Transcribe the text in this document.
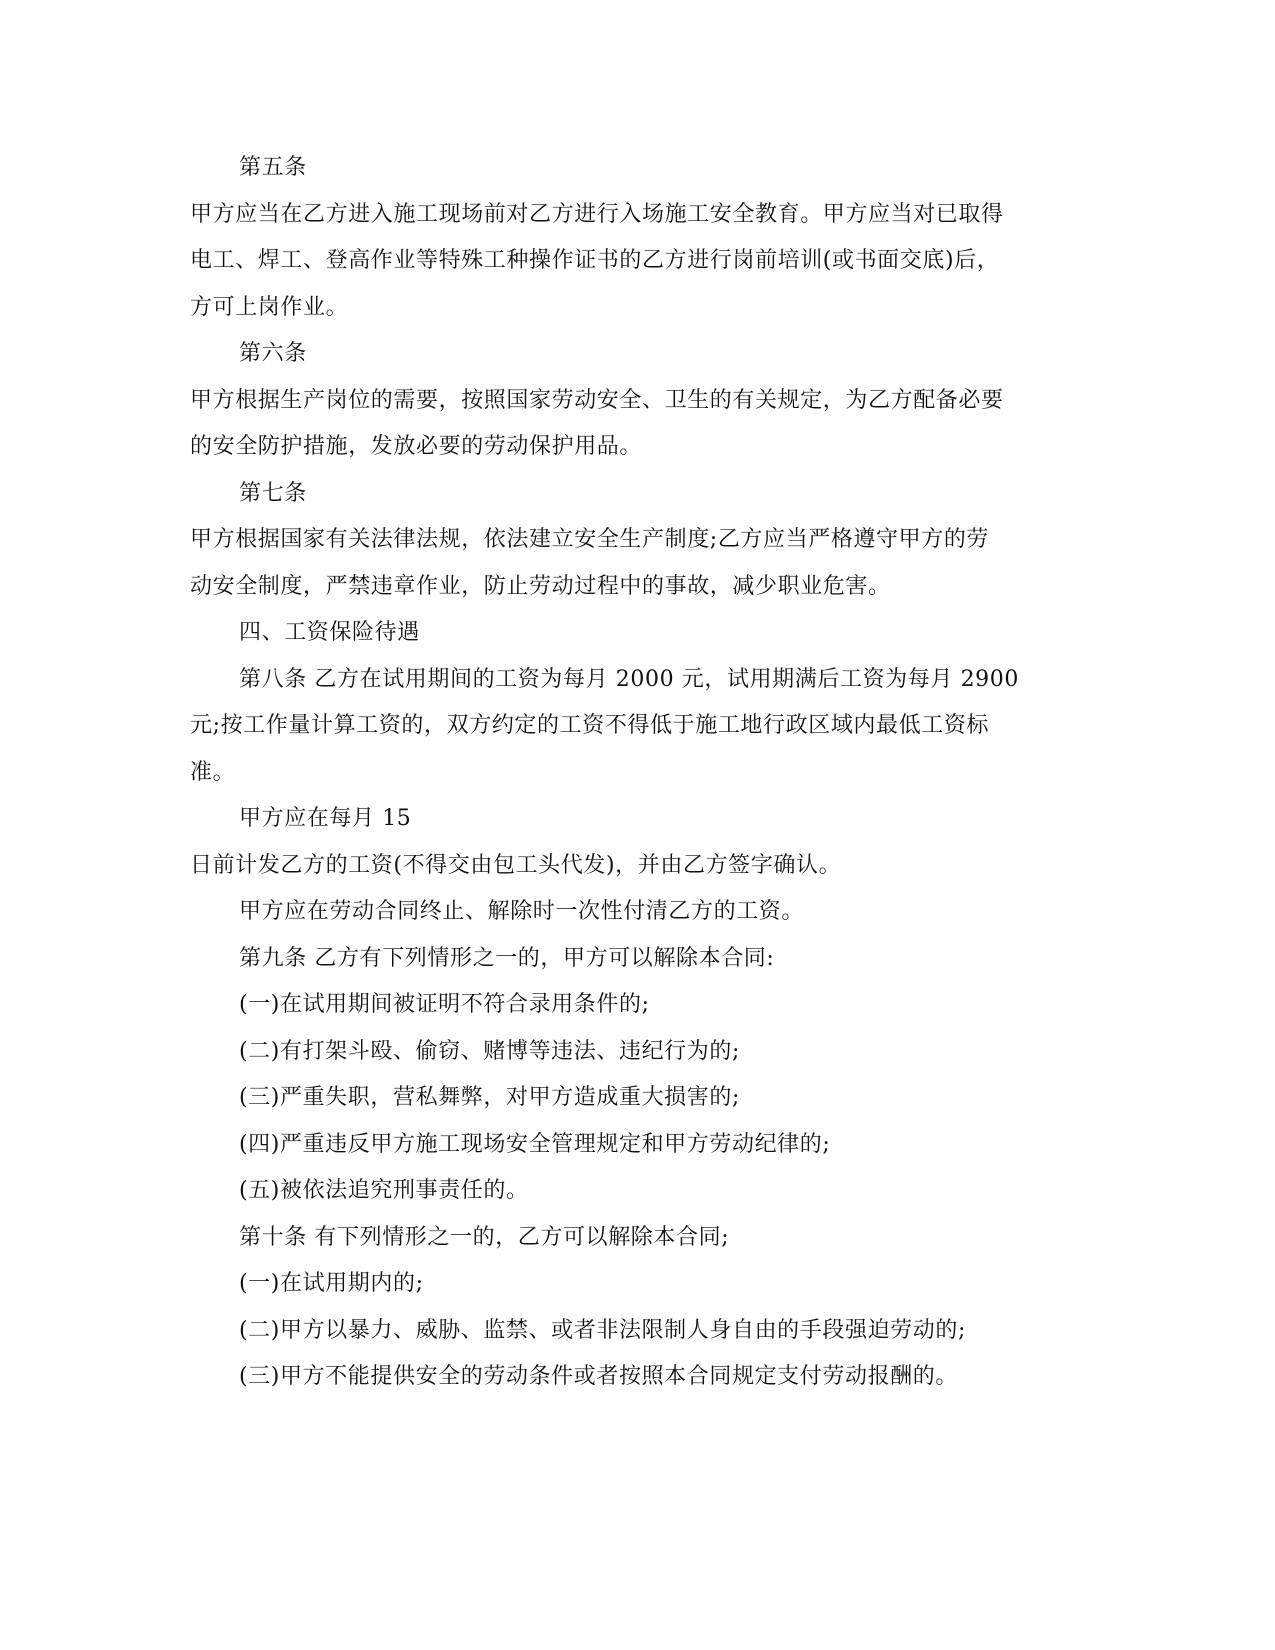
第五条
甲方应当在乙方进入施工现场前对乙方进行入场施工安全教育。甲方应当对已取得
电工、焊工、登高作业等特殊工种操作证书的乙方进行岗前培训(或书面交底)后，
方可上岗作业。
第六条
甲方根据生产岗位的需要，按照国家劳动安全、卫生的有关规定，为乙方配备必要
的安全防护措施，发放必要的劳动保护用品。
第七条
甲方根据国家有关法律法规，依法建立安全生产制度;乙方应当严格遵守甲方的劳
动安全制度，严禁违章作业，防止劳动过程中的事故，减少职业危害。
四、工资保险待遇
第八条 乙方在试用期间的工资为每月 2000 元，试用期满后工资为每月 2900
元;按工作量计算工资的，双方约定的工资不得低于施工地行政区域内最低工资标
准。
甲方应在每月 15
日前计发乙方的工资(不得交由包工头代发)，并由乙方签字确认。
甲方应在劳动合同终止、解除时一次性付清乙方的工资。
第九条 乙方有下列情形之一的，甲方可以解除本合同:
(一)在试用期间被证明不符合录用条件的;
(二)有打架斗殴、偷窃、赌博等违法、违纪行为的;
(三)严重失职，营私舞弊，对甲方造成重大损害的;
(四)严重违反甲方施工现场安全管理规定和甲方劳动纪律的;
(五)被依法追究刑事责任的。
第十条 有下列情形之一的，乙方可以解除本合同;
(一)在试用期内的;
(二)甲方以暴力、威胁、监禁、或者非法限制人身自由的手段强迫劳动的;
(三)甲方不能提供安全的劳动条件或者按照本合同规定支付劳动报酬的。
